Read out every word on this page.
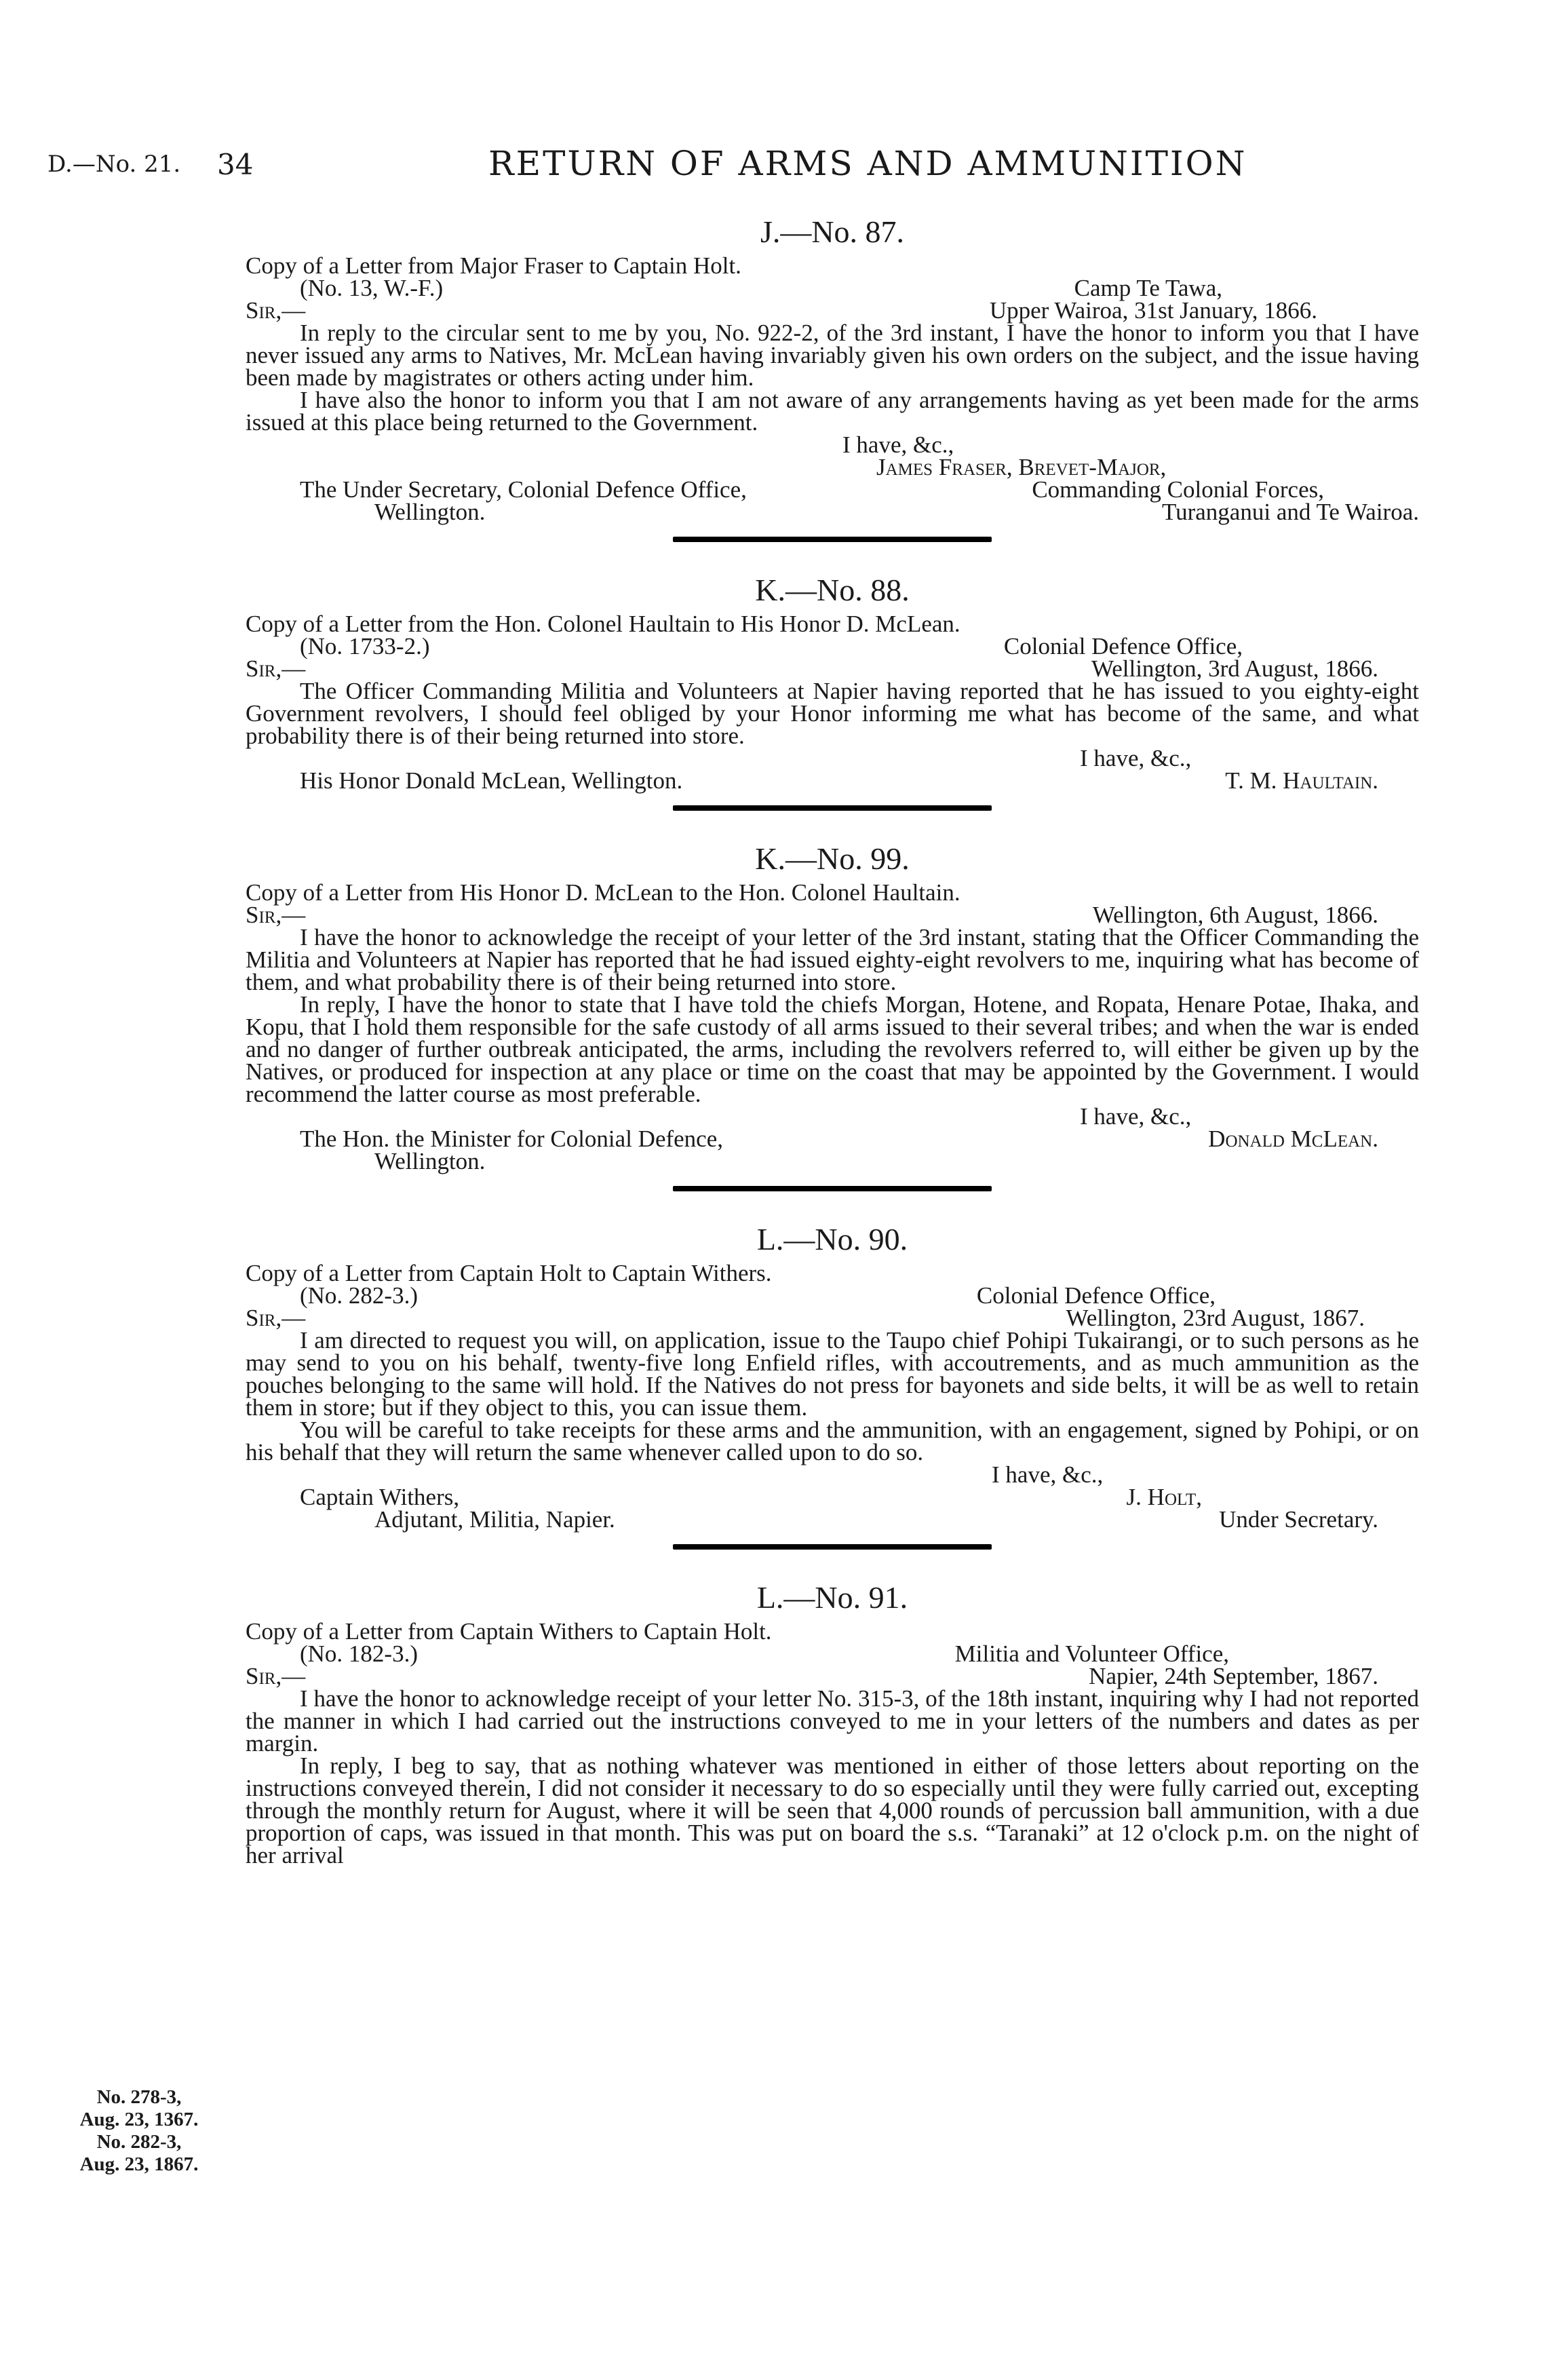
D.—No. 21. 34	RETURN OF ARMS AND AMMUNITION
J.—No. 87.

Copy of a Letter from Major Fraser to Captain Holt.

(No. 13, W.-F.)	Camp Te Tawa,
Sir,—	Upper Wairoa, 31st January, 1866.

In reply to the circular sent to me by you, No. 922-2, of the 3rd instant, I have the honor to inform you that I have never issued any arms to Natives, Mr. McLean having invariably given his own orders on the subject, and the issue having been made by magistrates or others acting under him.

I have also the honor to inform you that I am not aware of any arrangements having as yet been made for the arms issued at this place being returned to the Government.

I have, &c.,
James Fraser, Brevet-Major,
The Under Secretary, Colonial Defence Office,	Commanding Colonial Forces,
Wellington.	Turanganui and Te Wairoa.
K.—No. 88.

Copy of a Letter from the Hon. Colonel Haultain to His Honor D. McLean.

(No. 1733-2.)	Colonial Defence Office,
Sir,—	Wellington, 3rd August, 1866.

The Officer Commanding Militia and Volunteers at Napier having reported that he has issued to you eighty-eight Government revolvers, I should feel obliged by your Honor informing me what has become of the same, and what probability there is of their being returned into store.

I have, &c.,
His Honor Donald McLean, Wellington.	T. M. Haultain.
K.—No. 99.

Copy of a Letter from His Honor D. McLean to the Hon. Colonel Haultain.

Sir,—	Wellington, 6th August, 1866.

I have the honor to acknowledge the receipt of your letter of the 3rd instant, stating that the Officer Commanding the Militia and Volunteers at Napier has reported that he had issued eighty-eight revolvers to me, inquiring what has become of them, and what probability there is of their being returned into store.

In reply, I have the honor to state that I have told the chiefs Morgan, Hotene, and Ropata, Henare Potae, Ihaka, and Kopu, that I hold them responsible for the safe custody of all arms issued to their several tribes; and when the war is ended and no danger of further outbreak anticipated, the arms, including the revolvers referred to, will either be given up by the Natives, or produced for inspection at any place or time on the coast that may be appointed by the Government. I would recommend the latter course as most preferable.

I have, &c.,
The Hon. the Minister for Colonial Defence,	Donald McLean.
Wellington.
L.—No. 90.

Copy of a Letter from Captain Holt to Captain Withers.

(No. 282-3.)	Colonial Defence Office,
Sir,—	Wellington, 23rd August, 1867.

I am directed to request you will, on application, issue to the Taupo chief Pohipi Tukairangi, or to such persons as he may send to you on his behalf, twenty-five long Enfield rifles, with accoutrements, and as much ammunition as the pouches belonging to the same will hold. If the Natives do not press for bayonets and side belts, it will be as well to retain them in store; but if they object to this, you can issue them.

You will be careful to take receipts for these arms and the ammunition, with an engagement, signed by Pohipi, or on his behalf that they will return the same whenever called upon to do so.

I have, &c.,
Captain Withers,	J. Holt,
Adjutant, Militia, Napier.	Under Secretary.
L.—No. 91.

Copy of a Letter from Captain Withers to Captain Holt.

(No. 182-3.)	Militia and Volunteer Office,
Sir,—	Napier, 24th September, 1867.

I have the honor to acknowledge receipt of your letter No. 315-3, of the 18th instant, inquiring why I had not reported the manner in which I had carried out the instructions conveyed to me in your letters of the numbers and dates as per margin.

In reply, I beg to say, that as nothing whatever was mentioned in either of those letters about reporting on the instructions conveyed therein, I did not consider it necessary to do so especially until they were fully carried out, excepting through the monthly return for August, where it will be seen that 4,000 rounds of percussion ball ammunition, with a due proportion of caps, was issued in that month. This was put on board the s.s. “Taranaki” at 12 o'clock p.m. on the night of her arrival

No. 278-3,
Aug. 23, 1367.
No. 282-3,
Aug. 23, 1867.
